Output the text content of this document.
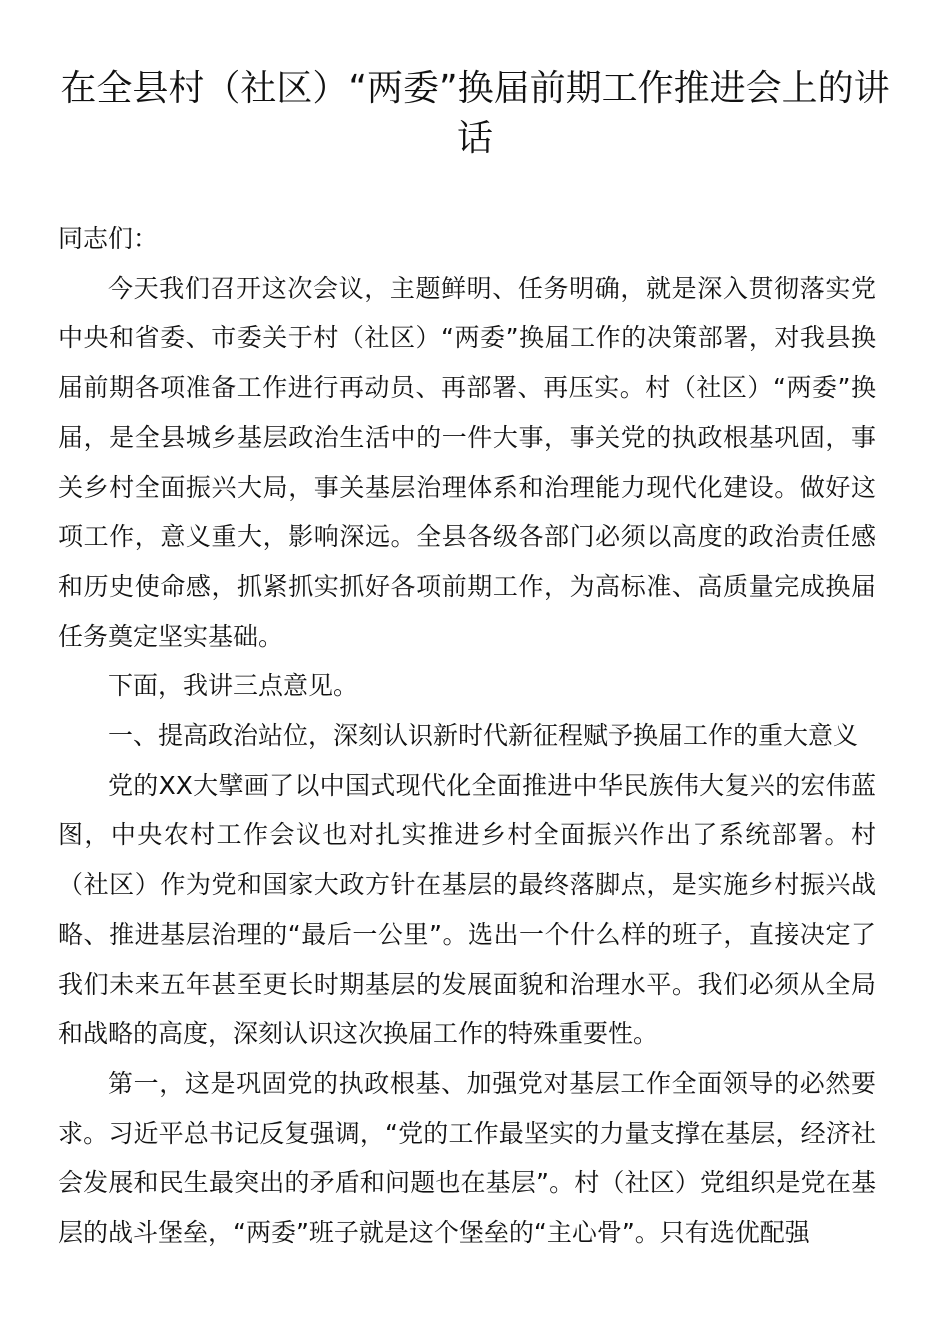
在全县村（社区）“两委”换届前期工作推进会上的讲话

同志们：

今天我们召开这次会议，主题鲜明、任务明确，就是深入贯彻落实党中央和省委、市委关于村（社区）“两委”换届工作的决策部署，对我县换届前期各项准备工作进行再动员、再部署、再压实。村（社区）“两委”换届，是全县城乡基层政治生活中的一件大事，事关党的执政根基巩固，事关乡村全面振兴大局，事关基层治理体系和治理能力现代化建设。做好这项工作，意义重大，影响深远。全县各级各部门必须以高度的政治责任感和历史使命感，抓紧抓实抓好各项前期工作，为高标准、高质量完成换届任务奠定坚实基础。

下面，我讲三点意见。

一、提高政治站位，深刻认识新时代新征程赋予换届工作的重大意义

党的XX大擘画了以中国式现代化全面推进中华民族伟大复兴的宏伟蓝图，中央农村工作会议也对扎实推进乡村全面振兴作出了系统部署。村（社区）作为党和国家大政方针在基层的最终落脚点，是实施乡村振兴战略、推进基层治理的“最后一公里”。选出一个什么样的班子，直接决定了我们未来五年甚至更长时期基层的发展面貌和治理水平。我们必须从全局和战略的高度，深刻认识这次换届工作的特殊重要性。

第一，这是巩固党的执政根基、加强党对基层工作全面领导的必然要求。习近平总书记反复强调，“党的工作最坚实的力量支撑在基层，经济社会发展和民生最突出的矛盾和问题也在基层”。村（社区）党组织是党在基层的战斗堡垒，“两委”班子就是这个堡垒的“主心骨”。只有选优配强
